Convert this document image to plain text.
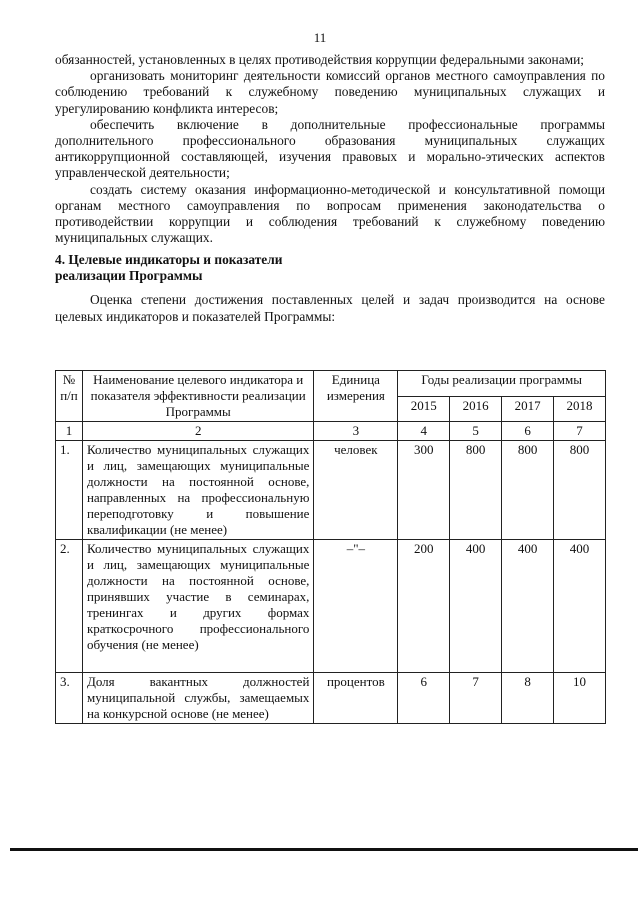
11

обязанностей, установленных в целях противодействия коррупции федеральными законами;

организовать мониторинг деятельности комиссий органов местного самоуправления по соблюдению требований к служебному поведению муниципальных служащих и урегулированию конфликта интересов;

обеспечить включение в дополнительные профессиональные программы дополнительного профессионального образования муниципальных служащих антикоррупционной составляющей, изучения правовых и морально-этических аспектов управленческой деятельности;

создать систему оказания информационно-методической и консультативной помощи органам местного самоуправления по вопросам применения законодательства о противодействии коррупции и соблюдения требований к служебному поведению муниципальных служащих.

4. Целевые индикаторы и показатели
реализации Программы

Оценка степени достижения поставленных целей и задач производится на основе целевых индикаторов и показателей Программы:

№ п/п	Наименование целевого индикатора и показателя эффективности реализации Программы	Единица измерения	Годы реализации программы			
			2015	2016	2017	2018
1	2	3	4	5	6	7
1.	Количество муниципальных служащих и лиц, замещающих муниципальные должности на постоянной основе, направленных на профессиональную переподготовку и повышение квалификации (не менее)	человек	300	800	800	800
2.	Количество муниципальных служащих и лиц, замещающих муниципальные должности на постоянной основе, принявших участие в семинарах, тренингах и других формах краткосрочного профессионального обучения (не менее)	–"–	200	400	400	400
3.	Доля вакантных должностей муниципальной службы, замещаемых на конкурсной основе (не менее)	процентов	6	7	8	10
